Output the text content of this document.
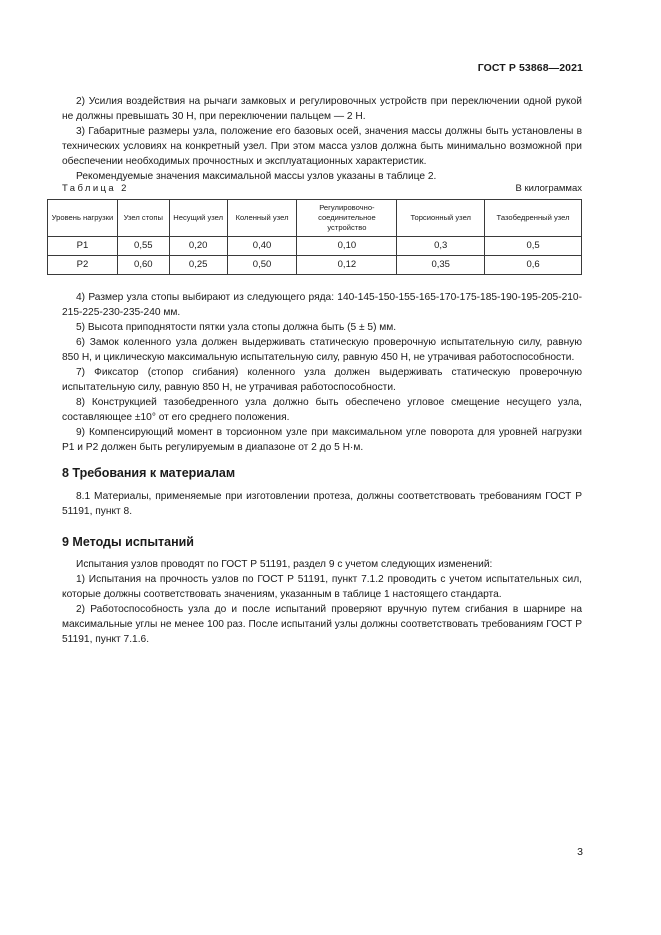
ГОСТ Р 53868—2021

2) Усилия воздействия на рычаги замковых и регулировочных устройств при переключении одной рукой не должны превышать 30 Н, при переключении пальцем — 2 Н.

3) Габаритные размеры узла, положение его базовых осей, значения массы должны быть установлены в технических условиях на конкретный узел. При этом масса узлов должна быть минимально возможной при обеспечении необходимых прочностных и эксплуатационных характеристик.

Рекомендуемые значения максимальной массы узлов указаны в таблице 2.

Таблица 2	В килограммах
Уровень нагрузки	Узел стопы	Несущий узел	Коленный узел	Регулировочно-соединительное устройство	Торсионный узел	Тазобедренный узел
Р1	0,55	0,20	0,40	0,10	0,3	0,5
Р2	0,60	0,25	0,50	0,12	0,35	0,6

4) Размер узла стопы выбирают из следующего ряда: 140-145-150-155-165-170-175-185-190-195-205-210-215-225-230-235-240 мм.

5) Высота приподнятости пятки узла стопы должна быть (5 ± 5) мм.

6) Замок коленного узла должен выдерживать статическую проверочную испытательную силу, равную 850 Н, и циклическую максимальную испытательную силу, равную 450 Н, не утрачивая работоспособности.

7) Фиксатор (стопор сгибания) коленного узла должен выдерживать статическую проверочную испытательную силу, равную 850 Н, не утрачивая работоспособности.

8) Конструкцией тазобедренного узла должно быть обеспечено угловое смещение несущего узла, составляющее ±10° от его среднего положения.

9) Компенсирующий момент в торсионном узле при максимальном угле поворота для уровней нагрузки Р1 и Р2 должен быть регулируемым в диапазоне от 2 до 5 Н·м.

8 Требования к материалам

8.1 Материалы, применяемые при изготовлении протеза, должны соответствовать требованиям ГОСТ Р 51191, пункт 8.

9 Методы испытаний

Испытания узлов проводят по ГОСТ Р 51191, раздел 9 с учетом следующих изменений:

1) Испытания на прочность узлов по ГОСТ Р 51191, пункт 7.1.2 проводить с учетом испытательных сил, которые должны соответствовать значениям, указанным в таблице 1 настоящего стандарта.

2) Работоспособность узла до и после испытаний проверяют вручную путем сгибания в шарнире на максимальные углы не менее 100 раз. После испытаний узлы должны соответствовать требованиям ГОСТ Р 51191, пункт 7.1.6.

3
